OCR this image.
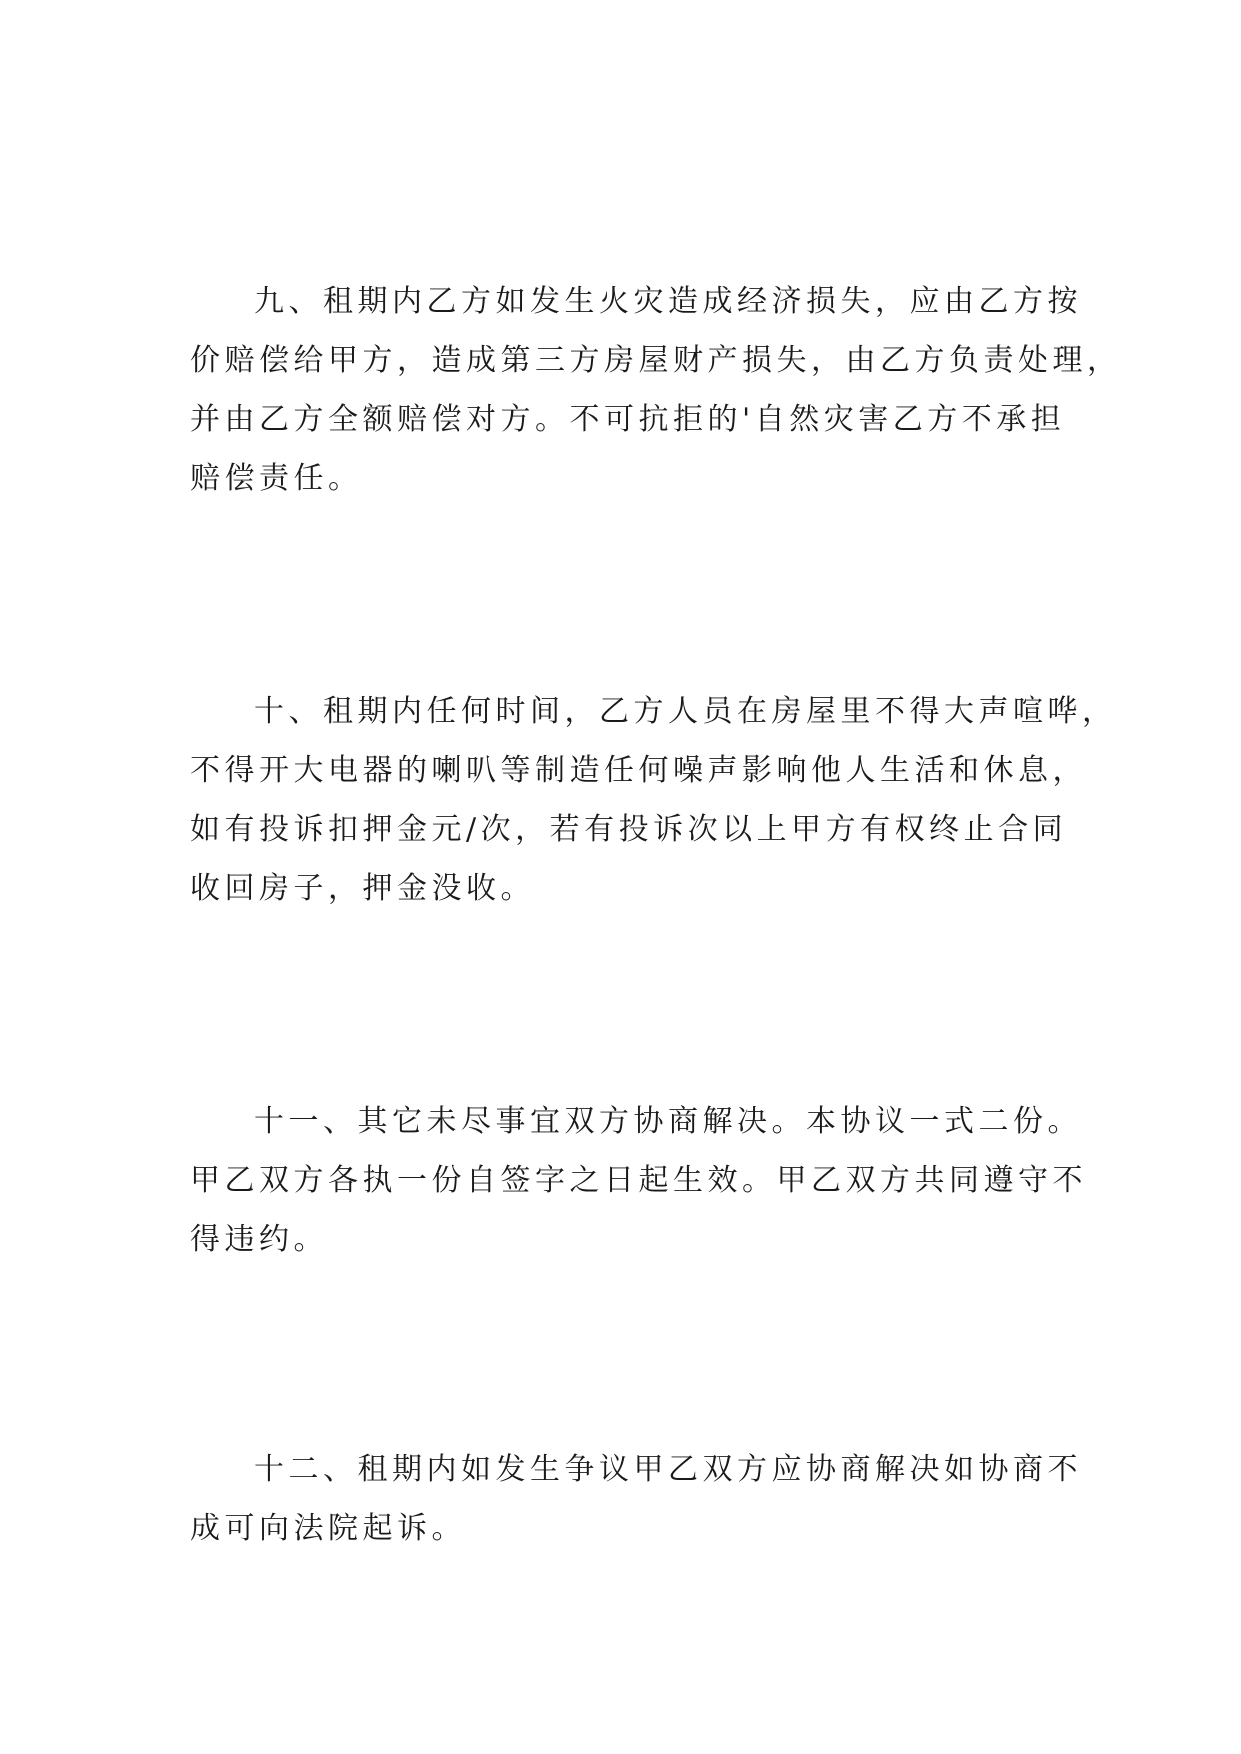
九、租期内乙方如发生火灾造成经济损失，应由乙方按
价赔偿给甲方，造成第三方房屋财产损失，由乙方负责处理，
并由乙方全额赔偿对方。不可抗拒的'自然灾害乙方不承担
赔偿责任。

十、租期内任何时间，乙方人员在房屋里不得大声喧哗，
不得开大电器的喇叭等制造任何噪声影响他人生活和休息，
如有投诉扣押金元/次，若有投诉次以上甲方有权终止合同
收回房子，押金没收。

十一、其它未尽事宜双方协商解决。本协议一式二份。
甲乙双方各执一份自签字之日起生效。甲乙双方共同遵守不
得违约。

十二、租期内如发生争议甲乙双方应协商解决如协商不
成可向法院起诉。
